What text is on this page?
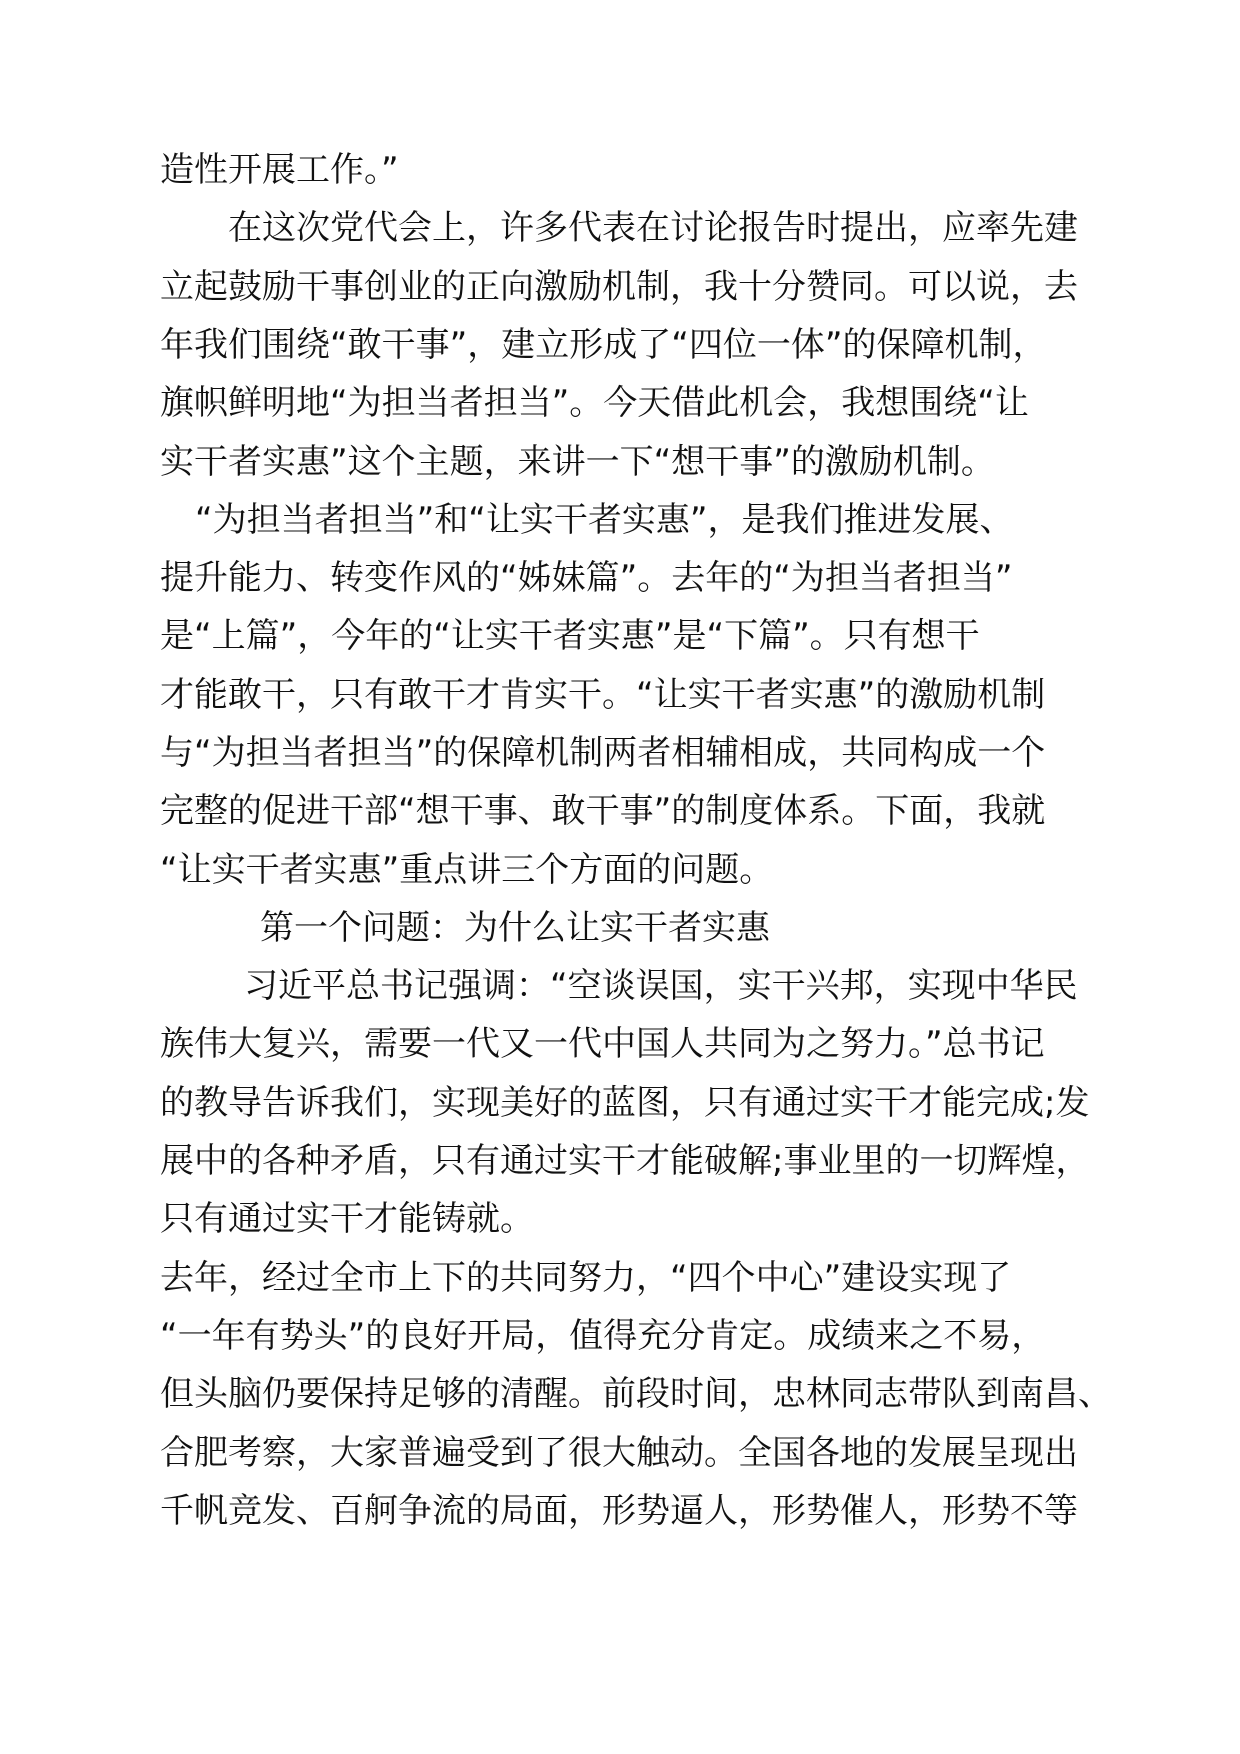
造性开展工作。”
在这次党代会上，许多代表在讨论报告时提出，应率先建
立起鼓励干事创业的正向激励机制，我十分赞同。可以说，去
年我们围绕“敢干事”，建立形成了“四位一体”的保障机制，
旗帜鲜明地“为担当者担当”。今天借此机会，我想围绕“让
实干者实惠”这个主题，来讲一下“想干事”的激励机制。
“为担当者担当”和“让实干者实惠”，是我们推进发展、
提升能力、转变作风的“姊妹篇”。去年的“为担当者担当”
是“上篇”，今年的“让实干者实惠”是“下篇”。只有想干
才能敢干，只有敢干才肯实干。“让实干者实惠”的激励机制
与“为担当者担当”的保障机制两者相辅相成，共同构成一个
完整的促进干部“想干事、敢干事”的制度体系。下面，我就
“让实干者实惠”重点讲三个方面的问题。
第一个问题：为什么让实干者实惠
习近平总书记强调：“空谈误国，实干兴邦，实现中华民
族伟大复兴，需要一代又一代中国人共同为之努力。”总书记
的教导告诉我们，实现美好的蓝图，只有通过实干才能完成;发
展中的各种矛盾，只有通过实干才能破解;事业里的一切辉煌，
只有通过实干才能铸就。
去年，经过全市上下的共同努力，“四个中心”建设实现了
“一年有势头”的良好开局，值得充分肯定。成绩来之不易，
但头脑仍要保持足够的清醒。前段时间，忠林同志带队到南昌、
合肥考察，大家普遍受到了很大触动。全国各地的发展呈现出
千帆竞发、百舸争流的局面，形势逼人，形势催人，形势不等
